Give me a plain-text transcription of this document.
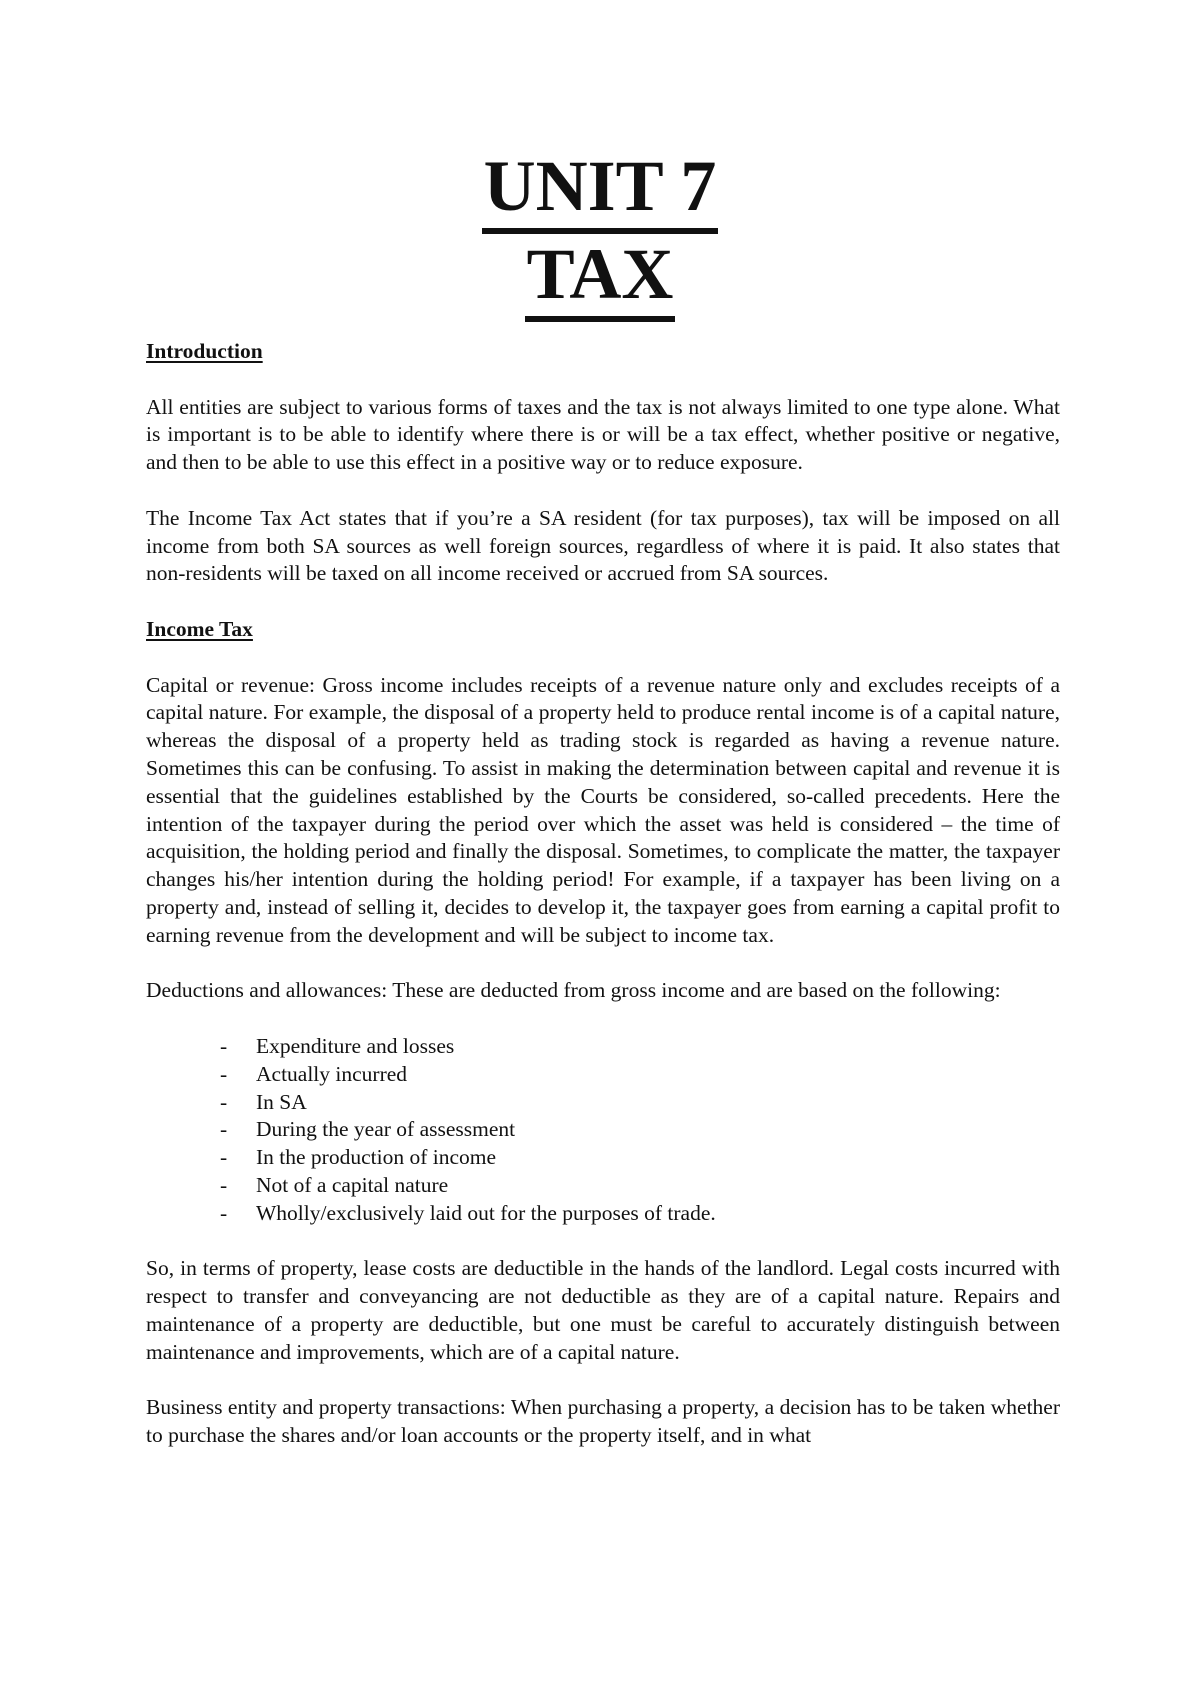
UNIT 7
TAX
Introduction

All entities are subject to various forms of taxes and the tax is not always limited to one type alone. What is important is to be able to identify where there is or will be a tax effect, whether positive or negative, and then to be able to use this effect in a positive way or to reduce exposure.

The Income Tax Act states that if you’re a SA resident (for tax purposes), tax will be imposed on all income from both SA sources as well foreign sources, regardless of where it is paid. It also states that non-residents will be taxed on all income received or accrued from SA sources.

Income Tax

Capital or revenue: Gross income includes receipts of a revenue nature only and excludes receipts of a capital nature. For example, the disposal of a property held to produce rental income is of a capital nature, whereas the disposal of a property held as trading stock is regarded as having a revenue nature. Sometimes this can be confusing. To assist in making the determination between capital and revenue it is essential that the guidelines established by the Courts be considered, so-called precedents. Here the intention of the taxpayer during the period over which the asset was held is considered – the time of acquisition, the holding period and finally the disposal. Sometimes, to complicate the matter, the taxpayer changes his/her intention during the holding period! For example, if a taxpayer has been living on a property and, instead of selling it, decides to develop it, the taxpayer goes from earning a capital profit to earning revenue from the development and will be subject to income tax.

Deductions and allowances: These are deducted from gross income and are based on the following:

- Expenditure and losses
- Actually incurred
- In SA
- During the year of assessment
- In the production of income
- Not of a capital nature
- Wholly/exclusively laid out for the purposes of trade.

So, in terms of property, lease costs are deductible in the hands of the landlord. Legal costs incurred with respect to transfer and conveyancing are not deductible as they are of a capital nature. Repairs and maintenance of a property are deductible, but one must be careful to accurately distinguish between maintenance and improvements, which are of a capital nature.

Business entity and property transactions: When purchasing a property, a decision has to be taken whether to purchase the shares and/or loan accounts or the property itself, and in what
